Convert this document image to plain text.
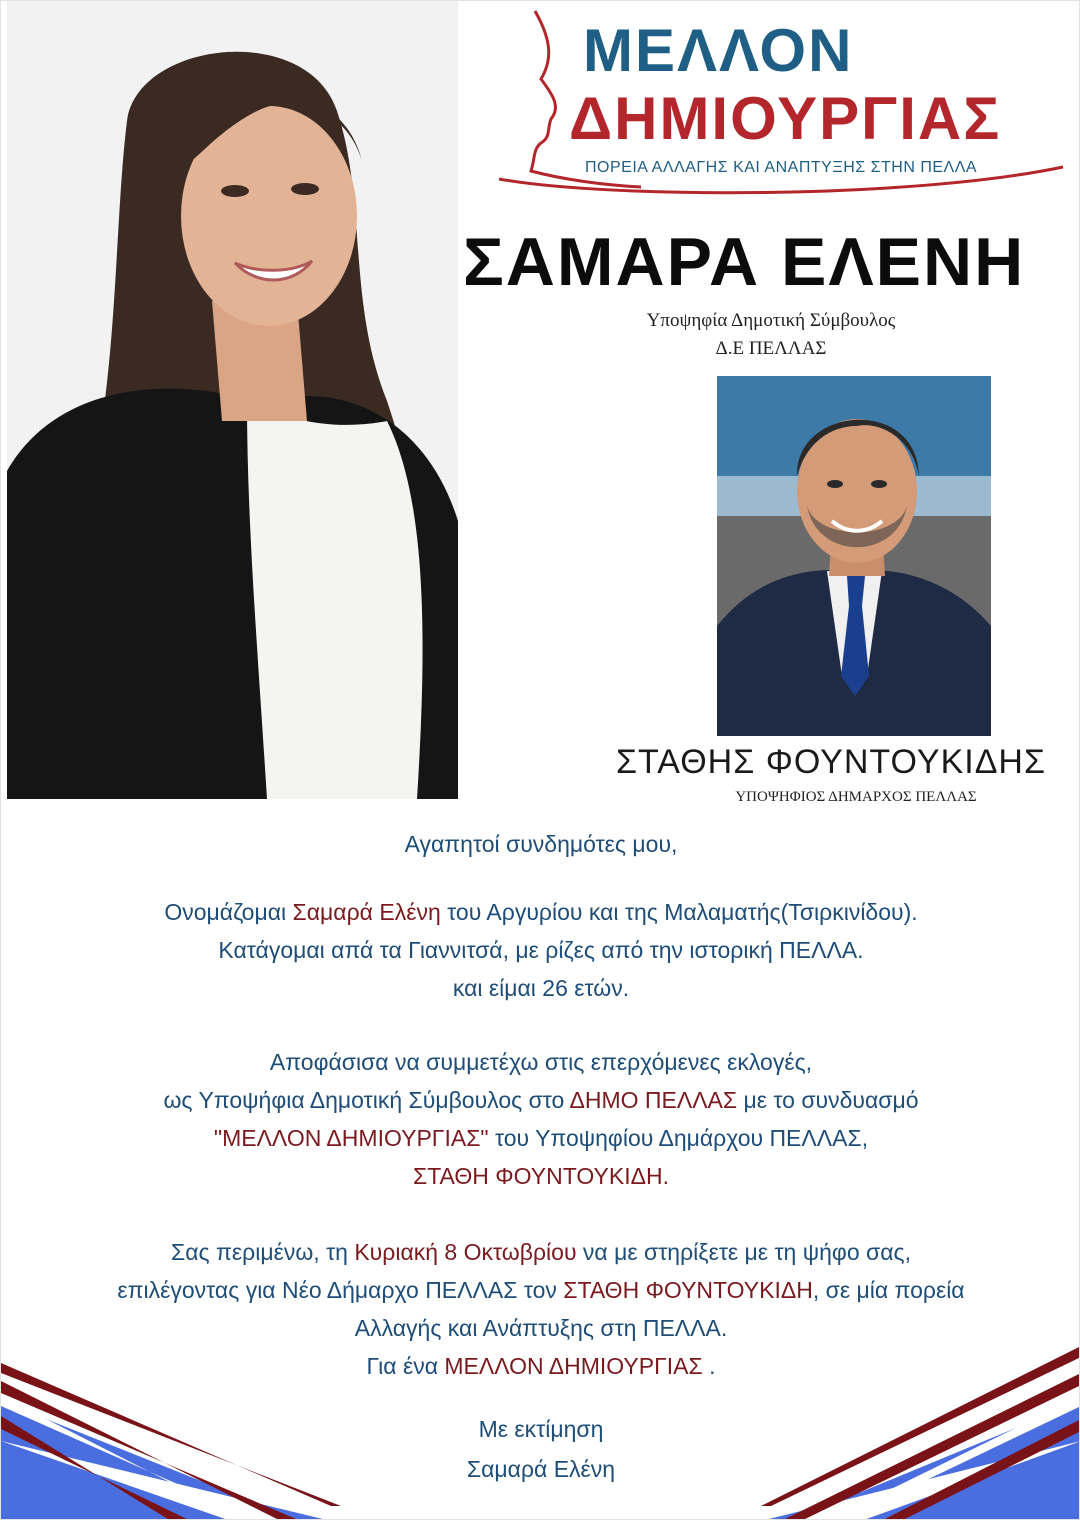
ΜΕΛΛΟΝ
ΔΗΜΙΟΥΡΓΙΑΣ
ΠΟΡΕΙΑ ΑΛΛΑΓΗΣ ΚΑΙ ΑΝΑΠΤΥΞΗΣ ΣΤΗΝ ΠΕΛΛΑ
ΣΑΜΑΡΑ ΕΛΕΝΗ
Υποψηφία Δημοτική Σύμβουλος
Δ.Ε ΠΕΛΛΑΣ
ΣΤΑΘΗΣ ΦΟΥΝΤΟΥΚΙΔΗΣ
ΥΠΟΨΗΦΙΟΣ ΔΗΜΑΡΧΟΣ ΠΕΛΛΑΣ
Αγαπητοί συνδημότες μου,
Ονομάζομαι Σαμαρά Ελένη του Αργυρίου και της Μαλαματής(Τσιρκινίδου).
Κατάγομαι απά τα Γιαννιτσά, με ρίζες από την ιστορική ΠΕΛΛΑ.
και είμαι 26 ετών.
Αποφάσισα να συμμετέχω στις επερχόμενες εκλογές,
ως Υποψήφια Δημοτική Σύμβουλος στο ΔΗΜΟ ΠΕΛΛΑΣ με το συνδυασμό
"ΜΕΛΛΟΝ ΔΗΜΙΟΥΡΓΙΑΣ" του Υποψηφίου Δημάρχου ΠΕΛΛΑΣ,
ΣΤΑΘΗ ΦΟΥΝΤΟΥΚΙΔΗ.
Σας περιμένω, τη Κυριακή 8 Οκτωβρίου να με στηρίξετε με τη ψήφο σας,
επιλέγοντας για Νέο Δήμαρχο ΠΕΛΛΑΣ τον ΣΤΑΘΗ ΦΟΥΝΤΟΥΚΙΔΗ, σε μία πορεία
Αλλαγής και Ανάπτυξης στη ΠΕΛΛΑ.
Για ένα ΜΕΛΛΟΝ ΔΗΜΙΟΥΡΓΙΑΣ .
Με εκτίμηση
Σαμαρά Ελένη
